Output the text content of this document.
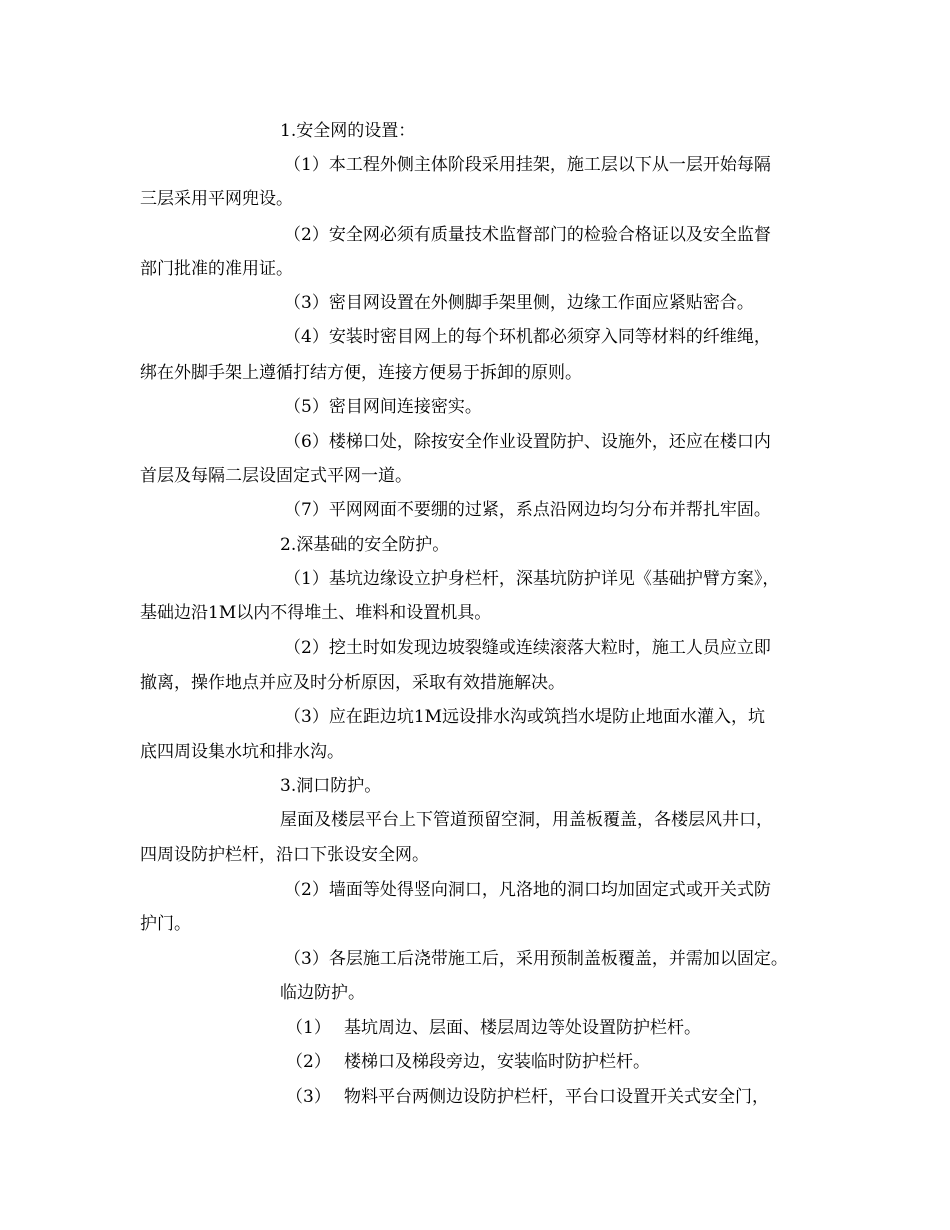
1.安全网的设置：
（1）本工程外侧主体阶段采用挂架，施工层以下从一层开始每隔
三层采用平网兜设。
（2）安全网必须有质量技术监督部门的检验合格证以及安全监督
部门批准的准用证。
（3）密目网设置在外侧脚手架里侧，边缘工作面应紧贴密合。
（4）安装时密目网上的每个环机都必须穿入同等材料的纤维绳，
绑在外脚手架上遵循打结方便，连接方便易于拆卸的原则。
（5）密目网间连接密实。
（6）楼梯口处，除按安全作业设置防护、设施外，还应在楼口内
首层及每隔二层设固定式平网一道。
（7）平网网面不要绷的过紧，系点沿网边均匀分布并帮扎牢固。
2.深基础的安全防护。
（1）基坑边缘设立护身栏杆，深基坑防护详见《基础护臂方案》，
基础边沿1M以内不得堆土、堆料和设置机具。
（2）挖土时如发现边坡裂缝或连续滚落大粒时，施工人员应立即
撤离，操作地点并应及时分析原因，采取有效措施解决。
（3）应在距边坑1M远设排水沟或筑挡水堤防止地面水灌入，坑
底四周设集水坑和排水沟。
3.洞口防护。
屋面及楼层平台上下管道预留空洞，用盖板覆盖，各楼层风井口，
四周设防护栏杆，沿口下张设安全网。
（2）墙面等处得竖向洞口，凡洛地的洞口均加固定式或开关式防
护门。
（3）各层施工后浇带施工后，采用预制盖板覆盖，并需加以固定。
临边防护。
（1） 基坑周边、层面、楼层周边等处设置防护栏杆。
（2） 楼梯口及梯段旁边，安装临时防护栏杆。
（3） 物料平台两侧边设防护栏杆，平台口设置开关式安全门，
